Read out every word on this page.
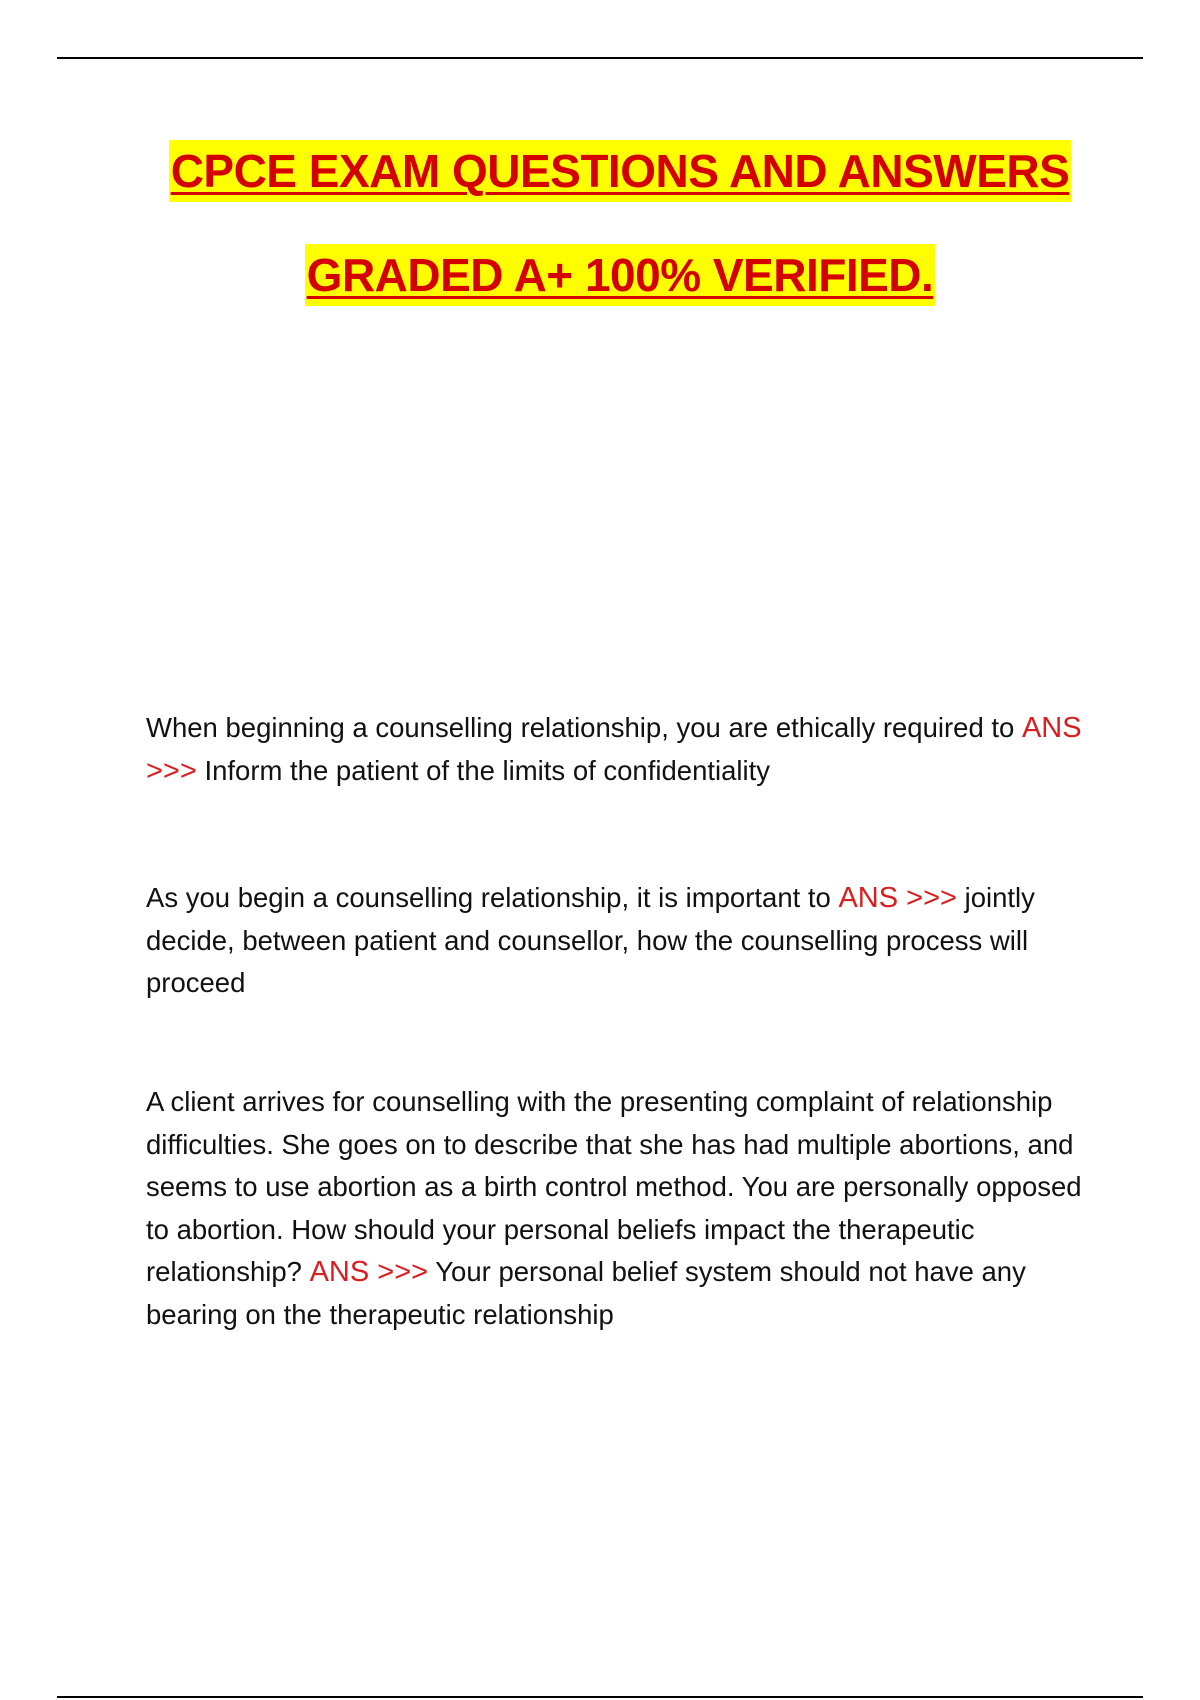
CPCE EXAM QUESTIONS AND ANSWERS
GRADED A+ 100% VERIFIED.
When beginning a counselling relationship, you are ethically required to ANS >>> Inform the patient of the limits of confidentiality
As you begin a counselling relationship, it is important to ANS >>> jointly decide, between patient and counsellor, how the counselling process will proceed
A client arrives for counselling with the presenting complaint of relationship difficulties. She goes on to describe that she has had multiple abortions, and seems to use abortion as a birth control method. You are personally opposed to abortion. How should your personal beliefs impact the therapeutic relationship? ANS >>> Your personal belief system should not have any bearing on the therapeutic relationship
